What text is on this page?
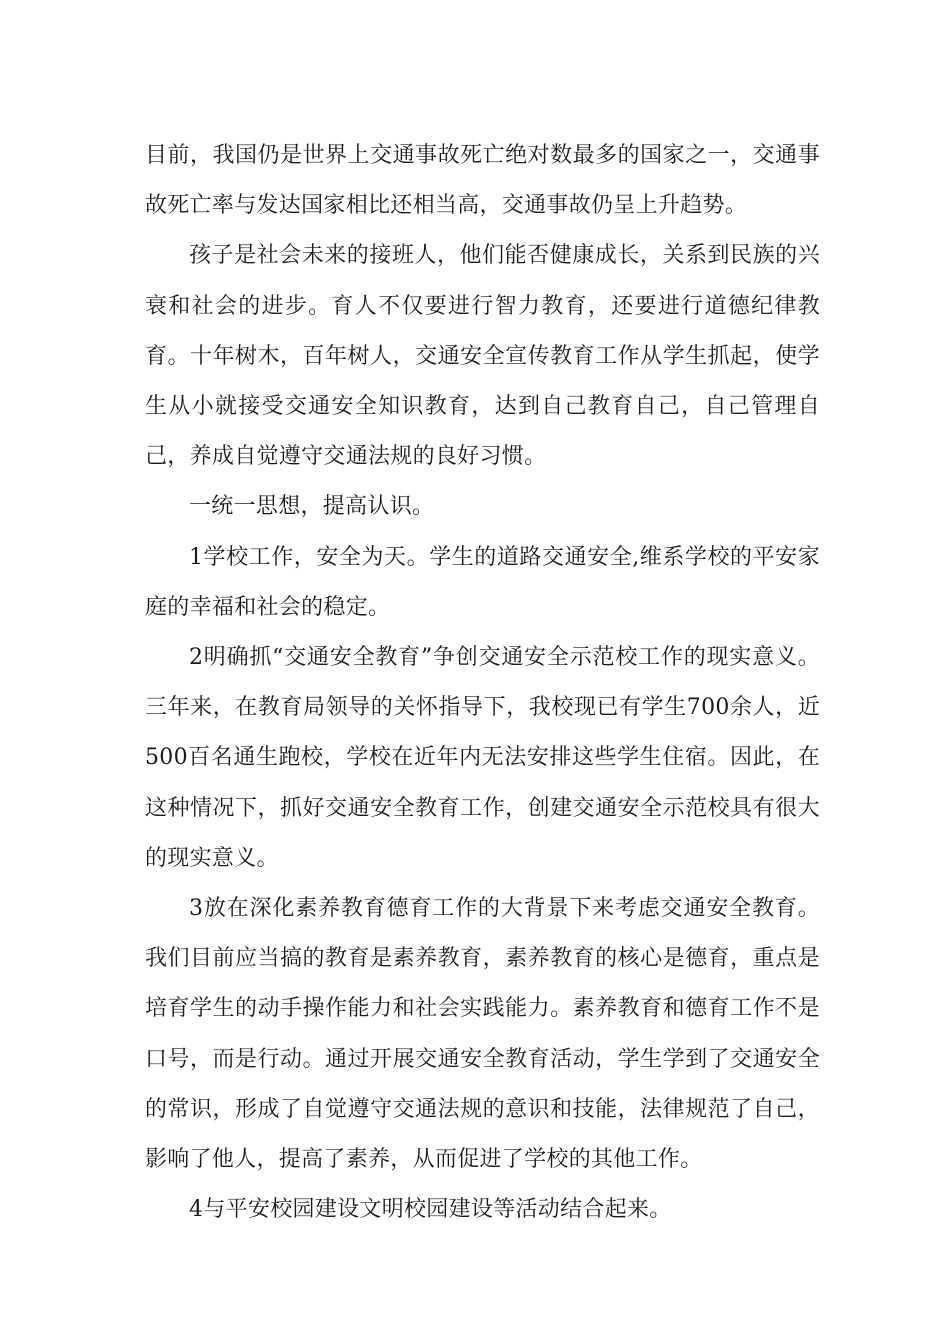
目前，我国仍是世界上交通事故死亡绝对数最多的国家之一，交通事故死亡率与发达国家相比还相当高，交通事故仍呈上升趋势。

孩子是社会未来的接班人，他们能否健康成长，关系到民族的兴衰和社会的进步。育人不仅要进行智力教育，还要进行道德纪律教育。十年树木，百年树人，交通安全宣传教育工作从学生抓起，使学生从小就接受交通安全知识教育，达到自己教育自己，自己管理自己，养成自觉遵守交通法规的良好习惯。

一统一思想，提高认识。

1学校工作，安全为天。学生的道路交通安全,维系学校的平安家庭的幸福和社会的稳定。

2明确抓“交通安全教育”争创交通安全示范校工作的现实意义。三年来，在教育局领导的关怀指导下，我校现已有学生700余人，近500百名通生跑校，学校在近年内无法安排这些学生住宿。因此，在这种情况下，抓好交通安全教育工作，创建交通安全示范校具有很大的现实意义。

3放在深化素养教育德育工作的大背景下来考虑交通安全教育。我们目前应当搞的教育是素养教育，素养教育的核心是德育，重点是培育学生的动手操作能力和社会实践能力。素养教育和德育工作不是口号，而是行动。通过开展交通安全教育活动，学生学到了交通安全的常识，形成了自觉遵守交通法规的意识和技能，法律规范了自己，影响了他人，提高了素养，从而促进了学校的其他工作。

4与平安校园建设文明校园建设等活动结合起来。
